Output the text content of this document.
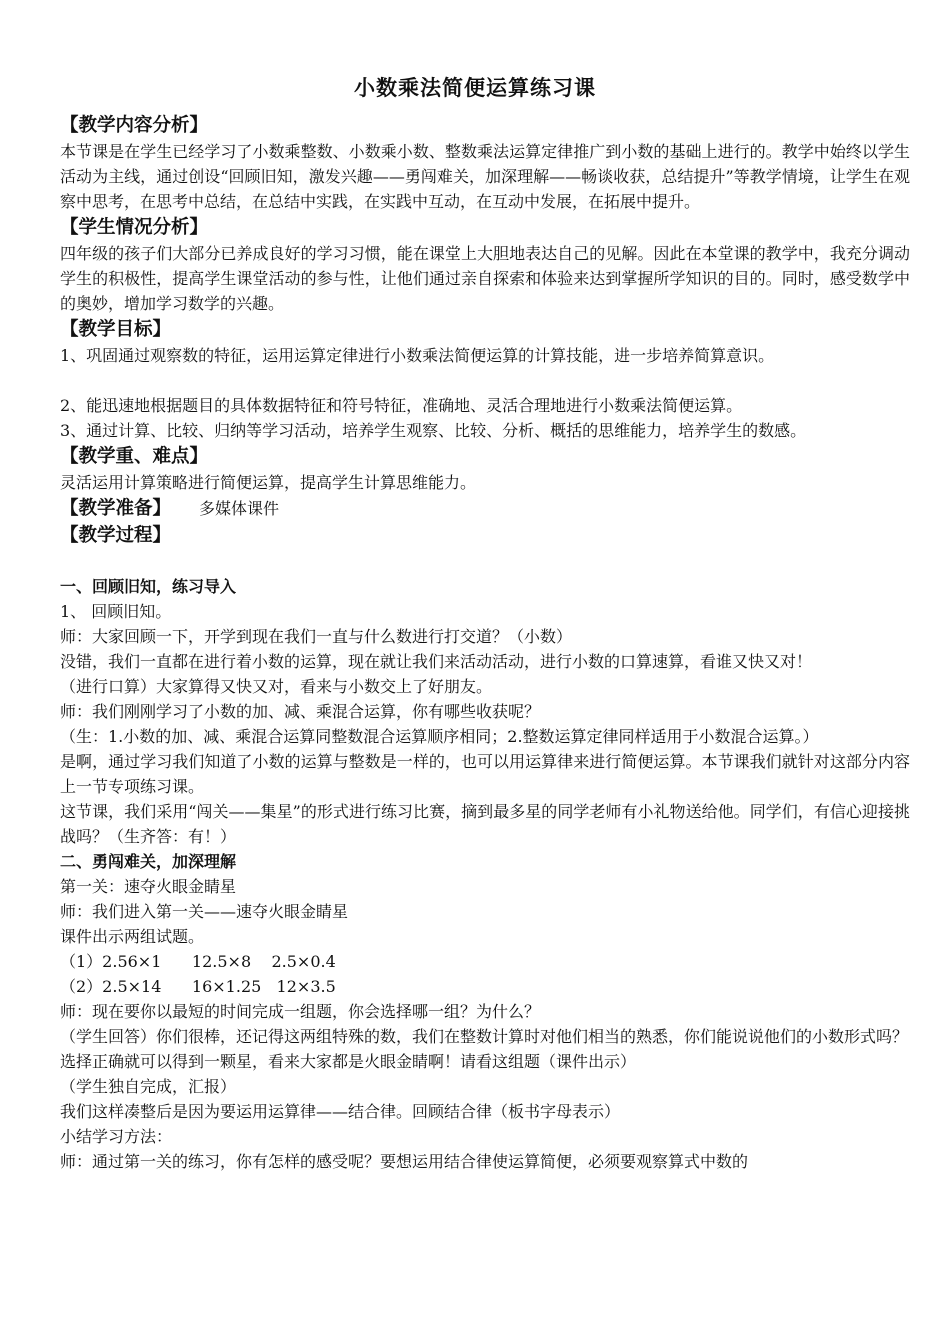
小数乘法简便运算练习课

【教学内容分析】

本节课是在学生已经学习了小数乘整数、小数乘小数、整数乘法运算定律推广到小数的基础上进行的。教学中始终以学生活动为主线，通过创设“回顾旧知，激发兴趣——勇闯难关，加深理解——畅谈收获，总结提升”等教学情境，让学生在观察中思考，在思考中总结，在总结中实践，在实践中互动，在互动中发展，在拓展中提升。

【学生情况分析】

四年级的孩子们大部分已养成良好的学习习惯，能在课堂上大胆地表达自己的见解。因此在本堂课的教学中，我充分调动学生的积极性，提高学生课堂活动的参与性，让他们通过亲自探索和体验来达到掌握所学知识的目的。同时，感受数学中的奥妙，增加学习数学的兴趣。

【教学目标】

1、巩固通过观察数的特征，运用运算定律进行小数乘法简便运算的计算技能，进一步培养简算意识。

2、能迅速地根据题目的具体数据特征和符号特征，准确地、灵活合理地进行小数乘法简便运算。

3、通过计算、比较、归纳等学习活动，培养学生观察、比较、分析、概括的思维能力，培养学生的数感。

【教学重、难点】

灵活运用计算策略进行简便运算，提高学生计算思维能力。

【教学准备】 多媒体课件

【教学过程】

一、回顾旧知，练习导入

1、 回顾旧知。

师：大家回顾一下，开学到现在我们一直与什么数进行打交道？（小数）

没错，我们一直都在进行着小数的运算，现在就让我们来活动活动，进行小数的口算速算，看谁又快又对！

（进行口算）大家算得又快又对，看来与小数交上了好朋友。

师：我们刚刚学习了小数的加、减、乘混合运算，你有哪些收获呢？

（生：1.小数的加、减、乘混合运算同整数混合运算顺序相同；2.整数运算定律同样适用于小数混合运算。）

是啊，通过学习我们知道了小数的运算与整数是一样的，也可以用运算律来进行简便运算。本节课我们就针对这部分内容上一节专项练习课。

这节课，我们采用“闯关——集星”的形式进行练习比赛，摘到最多星的同学老师有小礼物送给他。同学们，有信心迎接挑战吗？（生齐答：有！）

二、勇闯难关，加深理解

第一关：速夺火眼金睛星

师：我们进入第一关——速夺火眼金睛星

课件出示两组试题。

（1）2.56×1      12.5×8    2.5×0.4

（2）2.5×14      16×1.25   12×3.5

师：现在要你以最短的时间完成一组题，你会选择哪一组？为什么？

（学生回答）你们很棒，还记得这两组特殊的数，我们在整数计算时对他们相当的熟悉，你们能说说他们的小数形式吗？

选择正确就可以得到一颗星，看来大家都是火眼金睛啊！请看这组题（课件出示）

（学生独自完成，汇报）

我们这样凑整后是因为要运用运算律——结合律。回顾结合律（板书字母表示）

小结学习方法：

师：通过第一关的练习，你有怎样的感受呢？要想运用结合律使运算简便，必须要观察算式中数的
